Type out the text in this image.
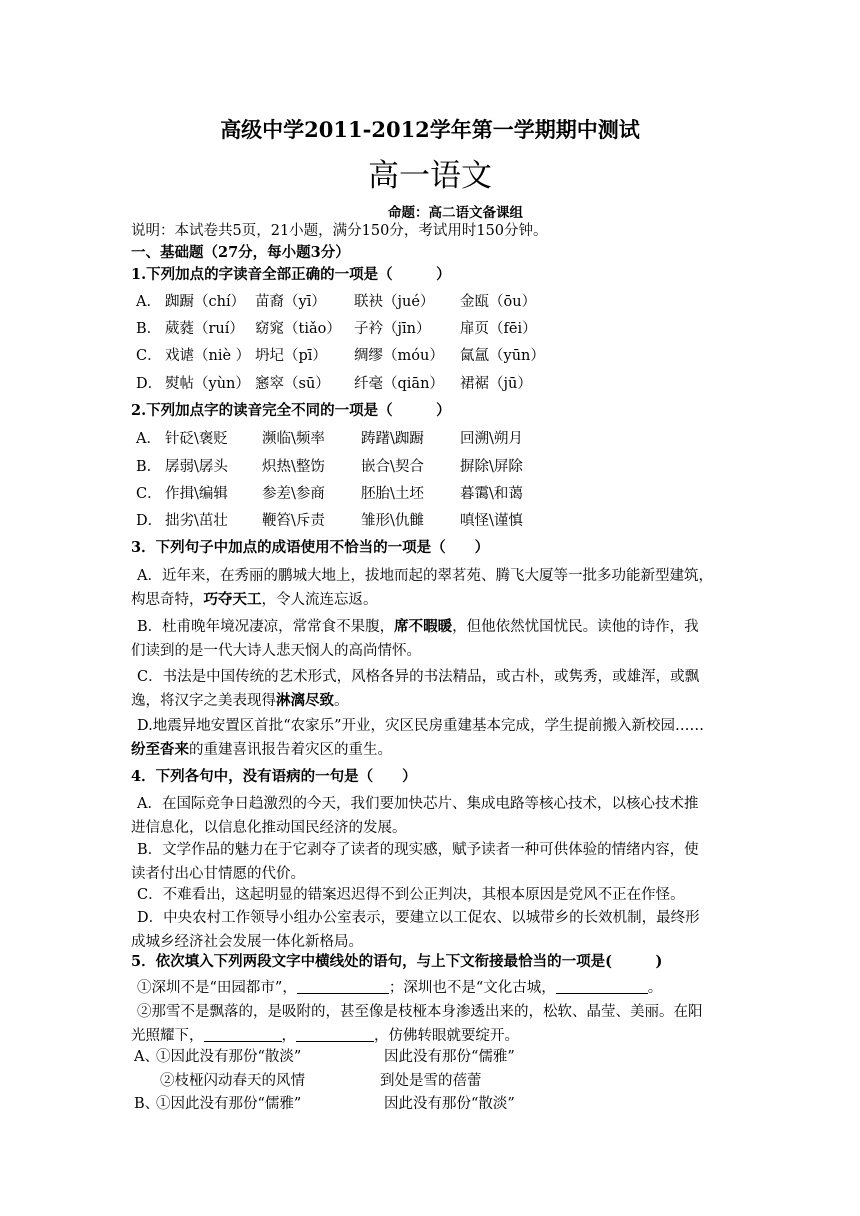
高级中学2011-2012学年第一学期期中测试
高一语文
命题：高二语文备课组
说明：本试卷共5页，21小题，满分150分，考试用时150分钟。
一、基础题（27分，每小题3分）
1.下列加点的字读音全部正确的一项是（　　　）
A． 踟蹰（chí） 苗裔（yī） 联袂（jué） 金瓯（ōu）
B． 葳蕤（ruí） 窈窕（tiǎo） 子衿（jīn） 扉页（fēi）
C． 戏谑（niè ） 坍圮（pī） 绸缪（móu） 氤氲（yūn）
D． 熨帖（yùn） 窸窣（sū） 纤毫（qiān） 裙裾（jū）
2.下列加点字的读音完全不同的一项是（　　　）
A． 针砭\褒贬 濒临\频率 踌躇\踟蹰 回溯\朔月
B． 孱弱\孱头 炽热\整饬 嵌合\契合 摒除\屏除
C． 作揖\编辑 参差\参商 胚胎\土坯 暮霭\和蔼
D． 拙劣\茁壮 鞭笞\斥责 雏形\仇雠 嗔怪\谨慎
3．下列句子中加点的成语使用不恰当的一项是（　　）
A．近年来，在秀丽的鹏城大地上，拔地而起的翠茗苑、腾飞大厦等一批多功能新型建筑，
构思奇特，巧夺天工，令人流连忘返。
B．杜甫晚年境况凄凉，常常食不果腹，席不暇暖，但他依然忧国忧民。读他的诗作，我
们读到的是一代大诗人悲天悯人的高尚情怀。
C．书法是中国传统的艺术形式，风格各异的书法精品，或古朴，或隽秀，或雄浑，或飘
逸，将汉字之美表现得淋漓尽致。
D.地震异地安置区首批“农家乐”开业，灾区民房重建基本完成，学生提前搬入新校园……
纷至沓来的重建喜讯报告着灾区的重生。
4．下列各句中，没有语病的一句是（　　）
A．在国际竞争日趋激烈的今天，我们要加快芯片、集成电路等核心技术，以核心技术推
进信息化，以信息化推动国民经济的发展。
B．文学作品的魅力在于它剥夺了读者的现实感，赋予读者一种可供体验的情绪内容，使
读者付出心甘情愿的代价。
C．不难看出，这起明显的错案迟迟得不到公正判决，其根本原因是党风不正在作怪。
D．中央农村工作领导小组办公室表示，要建立以工促农、以城带乡的长效机制，最终形
成城乡经济社会发展一体化新格局。
5．依次填入下列两段文字中横线处的语句，与上下文衔接最恰当的一项是(　　　)
①深圳不是“田园都市”，	；深圳也不是“文化古城，	。
②那雪不是飘落的，是吸附的，甚至像是枝桠本身渗透出来的，松软、晶莹、美丽。在阳
光照耀下，	，	，仿佛转眼就要绽开。
A、
①因此没有那份“散淡”	因此没有那份“儒雅”
②枝桠闪动春天的风情	到处是雪的蓓蕾
B、
①因此没有那份“儒雅”	因此没有那份“散淡”
